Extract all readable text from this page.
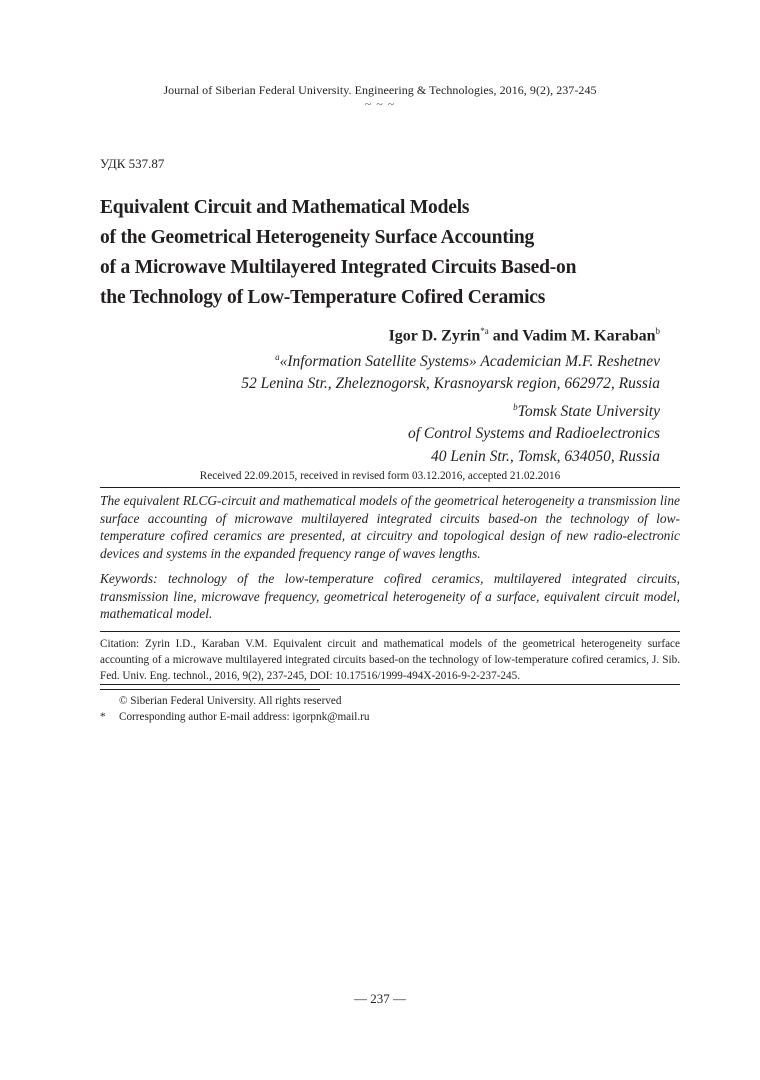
Journal of Siberian Federal University. Engineering & Technologies, 2016, 9(2), 237-245
~ ~ ~
УДК 537.87
Equivalent Circuit and Mathematical Models
of the Geometrical Heterogeneity Surface Accounting
of a Microwave Multilayered Integrated Circuits Based-on
the Technology of Low-Temperature Cofired Ceramics
Igor D. Zyrin$^{*a}$ and Vadim M. Karaban$^b$
$^a$«Information Satellite Systems» Academician M.F. Reshetnev
52 Lenina Str., Zheleznogorsk, Krasnoyarsk region, 662972, Russia
$^b$Tomsk State University
of Control Systems and Radioelectronics
40 Lenin Str., Tomsk, 634050, Russia
Received 22.09.2015, received in revised form 03.12.2016, accepted 21.02.2016

The equivalent RLCG-circuit and mathematical models of the geometrical heterogeneity a transmission line surface accounting of microwave multilayered integrated circuits based-on the technology of low-temperature cofired ceramics are presented, at circuitry and topological design of new radio-electronic devices and systems in the expanded frequency range of waves lengths.

Keywords: technology of the low-temperature cofired ceramics, multilayered integrated circuits, transmission line, microwave frequency, geometrical heterogeneity of a surface, equivalent circuit model, mathematical model.

Citation: Zyrin I.D., Karaban V.M. Equivalent circuit and mathematical models of the geometrical heterogeneity surface accounting of a microwave multilayered integrated circuits based-on the technology of low-temperature cofired ceramics, J. Sib. Fed. Univ. Eng. technol., 2016, 9(2), 237-245, DOI: 10.17516/1999-494X-2016-9-2-237-245.

© Siberian Federal University. All rights reserved
*	Corresponding author E-mail address: igorpnk@mail.ru
— 237 —
